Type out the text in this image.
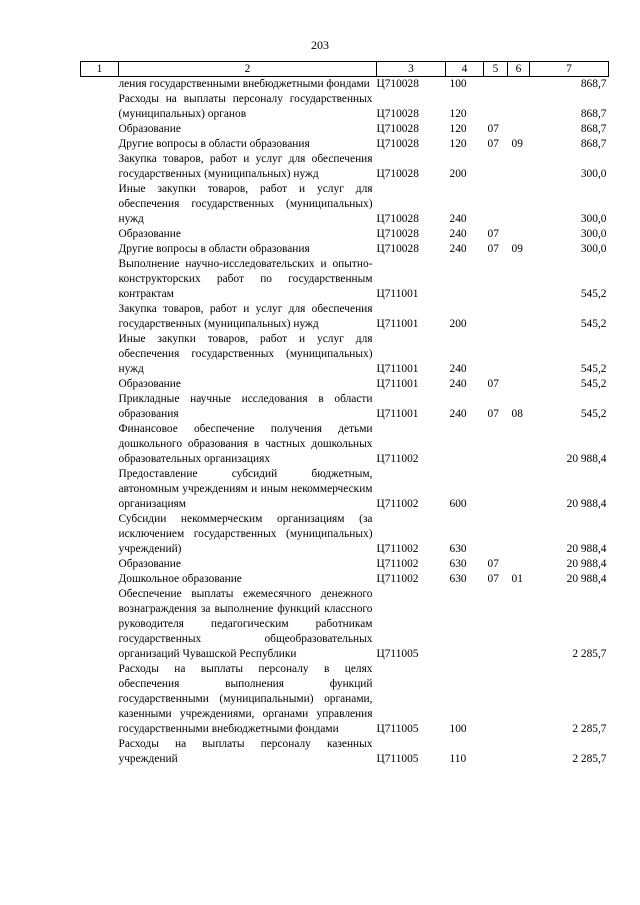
203
1	2	3	4	5	6	7
	ления государственными внебюджетными фондами	Ц710028	100			868,7
	Расходы на выплаты персоналу государственных (муниципальных) органов	Ц710028	120			868,7
	Образование	Ц710028	120	07		868,7
	Другие вопросы в области образования	Ц710028	120	07	09	868,7
	Закупка товаров, работ и услуг для обеспечения государственных (муниципальных) нужд	Ц710028	200			300,0
	Иные закупки товаров, работ и услуг для обеспечения государственных (муниципальных) нужд	Ц710028	240			300,0
	Образование	Ц710028	240	07		300,0
	Другие вопросы в области образования	Ц710028	240	07	09	300,0
	Выполнение научно-исследовательских и опытно-конструкторских работ по государственным контрактам	Ц711001				545,2
	Закупка товаров, работ и услуг для обеспечения государственных (муниципальных) нужд	Ц711001	200			545,2
	Иные закупки товаров, работ и услуг для обеспечения государственных (муниципальных) нужд	Ц711001	240			545,2
	Образование	Ц711001	240	07		545,2
	Прикладные научные исследования в области образования	Ц711001	240	07	08	545,2
	Финансовое обеспечение получения детьми дошкольного образования в частных дошкольных образовательных организациях	Ц711002				20 988,4
	Предоставление субсидий бюджетным, автономным учреждениям и иным некоммерческим организациям	Ц711002	600			20 988,4
	Субсидии некоммерческим организациям (за исключением государственных (муниципальных) учреждений)	Ц711002	630			20 988,4
	Образование	Ц711002	630	07		20 988,4
	Дошкольное образование	Ц711002	630	07	01	20 988,4
	Обеспечение выплаты ежемесячного денежного вознаграждения за выполнение функций классного руководителя педагогическим работникам государственных общеобразовательных организаций Чувашской Республики	Ц711005				2 285,7
	Расходы на выплаты персоналу в целях обеспечения выполнения функций государственными (муниципальными) органами, казенными учреждениями, органами управления государственными внебюджетными фондами	Ц711005	100			2 285,7
	Расходы на выплаты персоналу казенных учреждений	Ц711005	110			2 285,7
